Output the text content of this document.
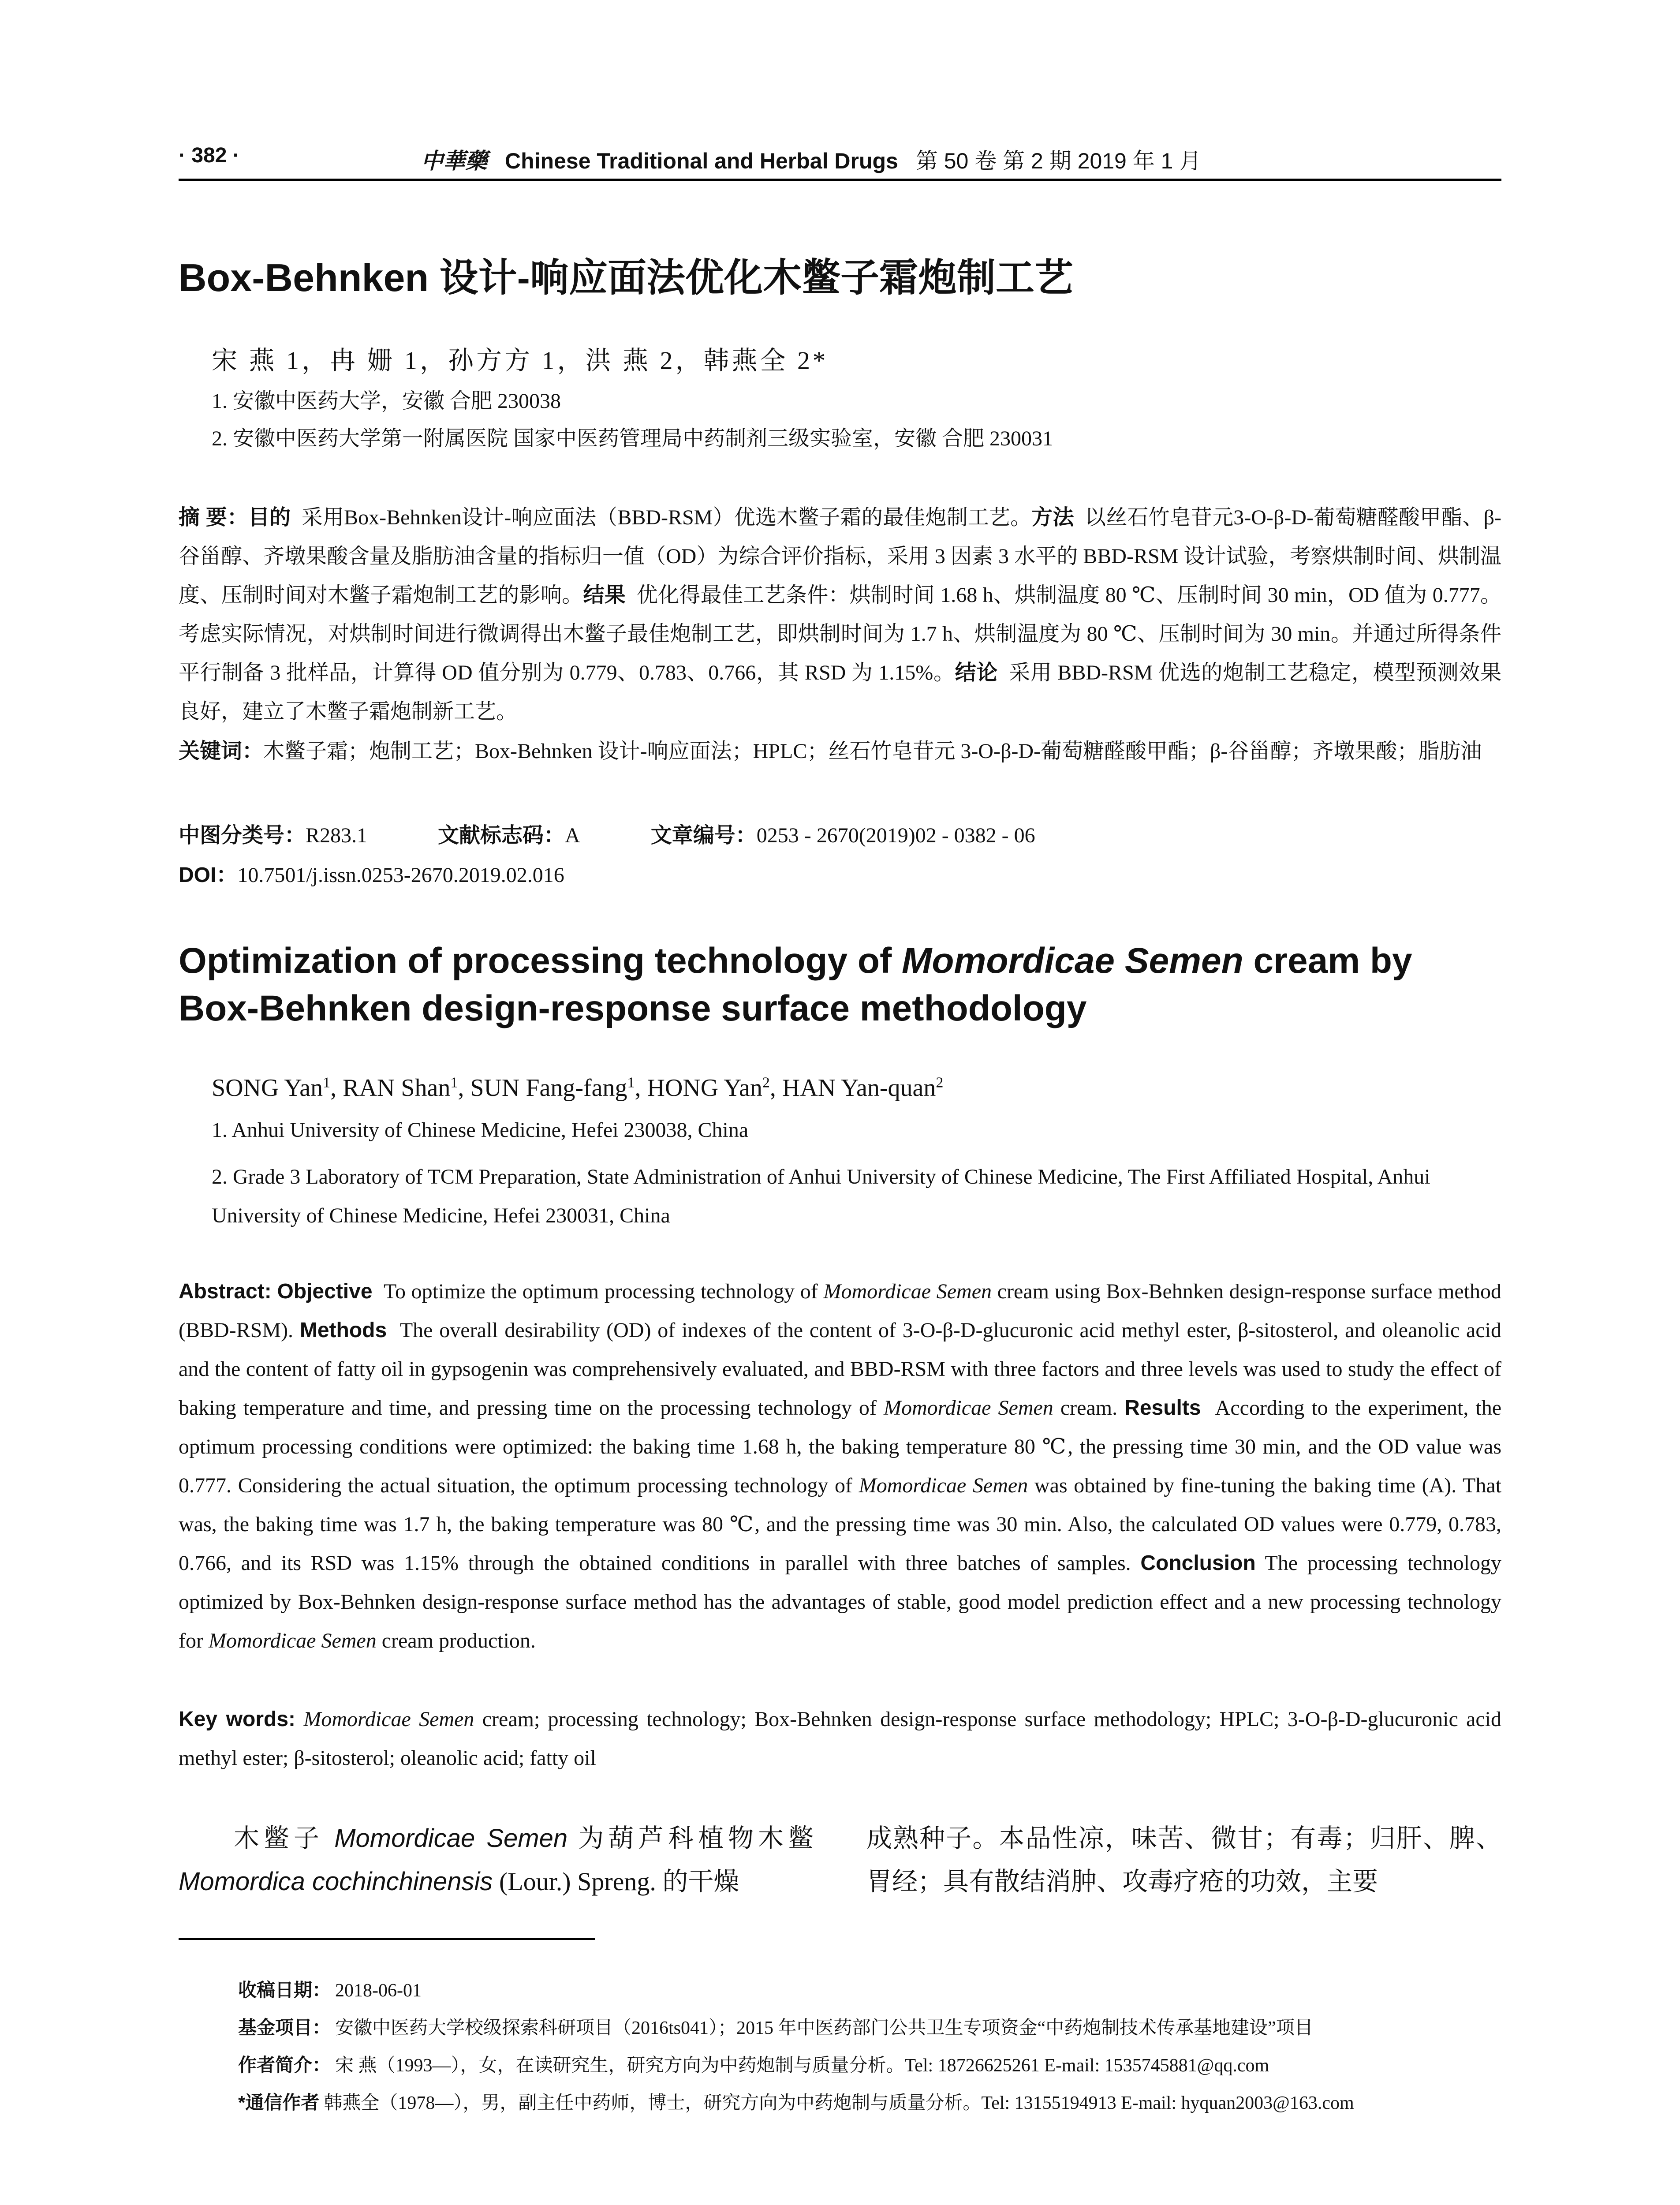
· 382 ·	中華藥 Chinese Traditional and Herbal Drugs 第 50 卷 第 2 期 2019 年 1 月
Box-Behnken 设计-响应面法优化木鳖子霜炮制工艺
宋 燕 1，冉 姗 1，孙方方 1，洪 燕 2，韩燕全 2*
1. 安徽中医药大学，安徽 合肥 230038
2. 安徽中医药大学第一附属医院 国家中医药管理局中药制剂三级实验室，安徽 合肥 230031
摘 要：目的 采用Box-Behnken设计-响应面法（BBD-RSM）优选木鳖子霜的最佳炮制工艺。方法 以丝石竹皂苷元3-O-β-D-葡萄糖醛酸甲酯、β-谷甾醇、齐墩果酸含量及脂肪油含量的指标归一值（OD）为综合评价指标，采用 3 因素 3 水平的 BBD-RSM 设计试验，考察烘制时间、烘制温度、压制时间对木鳖子霜炮制工艺的影响。结果 优化得最佳工艺条件：烘制时间 1.68 h、烘制温度 80 ℃、压制时间 30 min，OD 值为 0.777。考虑实际情况，对烘制时间进行微调得出木鳖子最佳炮制工艺，即烘制时间为 1.7 h、烘制温度为 80 ℃、压制时间为 30 min。并通过所得条件平行制备 3 批样品，计算得 OD 值分别为 0.779、0.783、0.766，其 RSD 为 1.15%。结论 采用 BBD-RSM 优选的炮制工艺稳定，模型预测效果良好，建立了木鳖子霜炮制新工艺。
关键词：木鳖子霜；炮制工艺；Box-Behnken 设计-响应面法；HPLC；丝石竹皂苷元 3-O-β-D-葡萄糖醛酸甲酯；β-谷甾醇；齐墩果酸；脂肪油
中图分类号：R283.1	文献标志码：A	文章编号：0253 - 2670(2019)02 - 0382 - 06
DOI：10.7501/j.issn.0253-2670.2019.02.016
Optimization of processing technology of Momordicae Semen cream by Box-Behnken design-response surface methodology
SONG Yan$^1$, RAN Shan$^1$, SUN Fang-fang$^1$, HONG Yan$^2$, HAN Yan-quan$^2$
1. Anhui University of Chinese Medicine, Hefei 230038, China
2. Grade 3 Laboratory of TCM Preparation, State Administration of Anhui University of Chinese Medicine, The First Affiliated Hospital, Anhui University of Chinese Medicine, Hefei 230031, China
Abstract: Objective To optimize the optimum processing technology of Momordicae Semen cream using Box-Behnken design-response surface method (BBD-RSM). Methods The overall desirability (OD) of indexes of the content of 3-O-β-D-glucuronic acid methyl ester, β-sitosterol, and oleanolic acid and the content of fatty oil in gypsogenin was comprehensively evaluated, and BBD-RSM with three factors and three levels was used to study the effect of baking temperature and time, and pressing time on the processing technology of Momordicae Semen cream. Results According to the experiment, the optimum processing conditions were optimized: the baking time 1.68 h, the baking temperature 80 ℃, the pressing time 30 min, and the OD value was 0.777. Considering the actual situation, the optimum processing technology of Momordicae Semen was obtained by fine-tuning the baking time (A). That was, the baking time was 1.7 h, the baking temperature was 80 ℃, and the pressing time was 30 min. Also, the calculated OD values were 0.779, 0.783, 0.766, and its RSD was 1.15% through the obtained conditions in parallel with three batches of samples. Conclusion The processing technology optimized by Box-Behnken design-response surface method has the advantages of stable, good model prediction effect and a new processing technology for Momordicae Semen cream production.
Key words: Momordicae Semen cream; processing technology; Box-Behnken design-response surface methodology; HPLC; 3-O-β-D-glucuronic acid methyl ester; β-sitosterol; oleanolic acid; fatty oil
木鳖子 Momordicae Semen 为葫芦科植物木鳖 Momordica cochinchinensis (Lour.) Spreng. 的干燥
成熟种子。本品性凉，味苦、微甘；有毒；归肝、脾、胃经；具有散结消肿、攻毒疗疮的功效，主要
收稿日期： 2018-06-01
基金项目： 安徽中医药大学校级探索科研项目（2016ts041）；2015 年中医药部门公共卫生专项资金“中药炮制技术传承基地建设”项目
作者简介： 宋 燕（1993—），女，在读研究生，研究方向为中药炮制与质量分析。Tel: 18726625261 E-mail: 1535745881@qq.com
*通信作者 韩燕全（1978—），男，副主任中药师，博士，研究方向为中药炮制与质量分析。Tel: 13155194913 E-mail: hyquan2003@163.com
